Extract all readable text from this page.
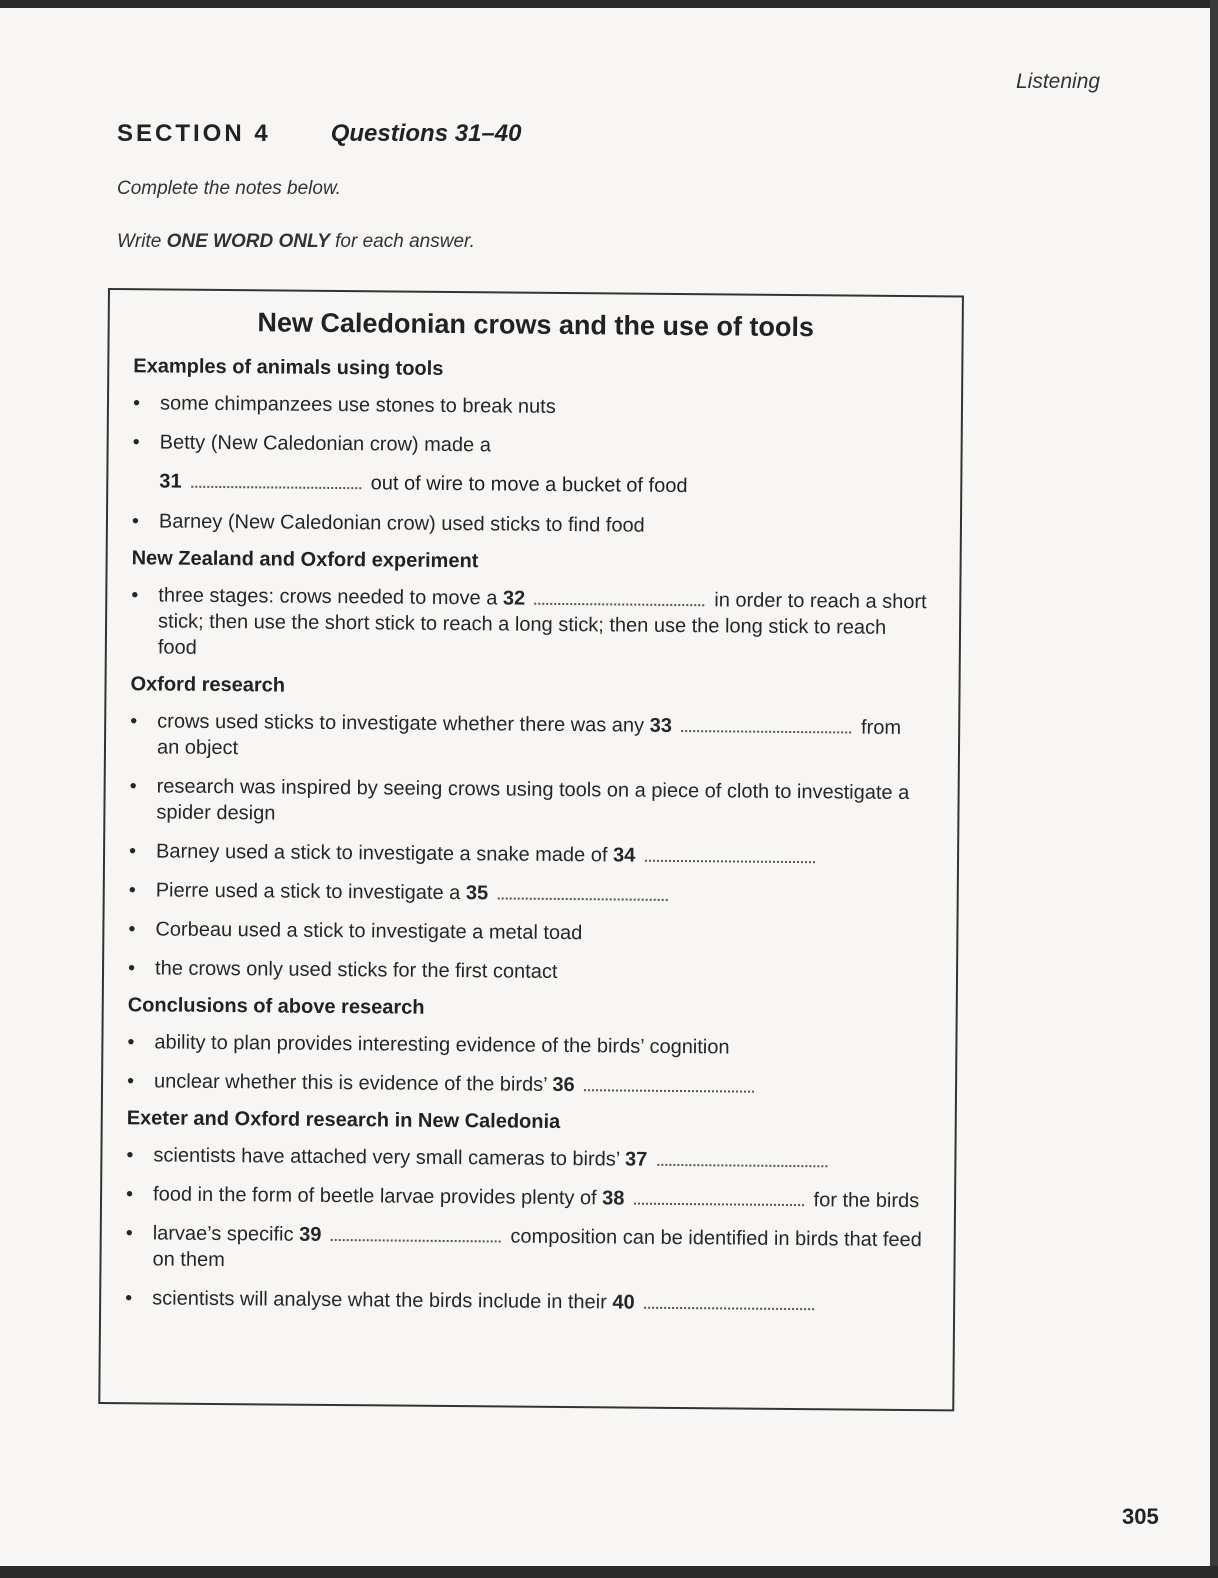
Listening
SECTION 4	Questions 31–40
Complete the notes below.
Write ONE WORD ONLY for each answer.
New Caledonian crows and the use of tools
Examples of animals using tools
• some chimpanzees use stones to break nuts
• Betty (New Caledonian crow) made a
31	out of wire to move a bucket of food
• Barney (New Caledonian crow) used sticks to find food
New Zealand and Oxford experiment
• three stages: crows needed to move a 32	in order to reach a short stick; then use the short stick to reach a long stick; then use the long stick to reach food
Oxford research
• crows used sticks to investigate whether there was any 33	from an object
• research was inspired by seeing crows using tools on a piece of cloth to investigate a spider design
• Barney used a stick to investigate a snake made of 34
• Pierre used a stick to investigate a 35
• Corbeau used a stick to investigate a metal toad
• the crows only used sticks for the first contact
Conclusions of above research
• ability to plan provides interesting evidence of the birds’ cognition
• unclear whether this is evidence of the birds’ 36
Exeter and Oxford research in New Caledonia
• scientists have attached very small cameras to birds’ 37
• food in the form of beetle larvae provides plenty of 38	for the birds
• larvae’s specific 39	composition can be identified in birds that feed on them
• scientists will analyse what the birds include in their 40
305
